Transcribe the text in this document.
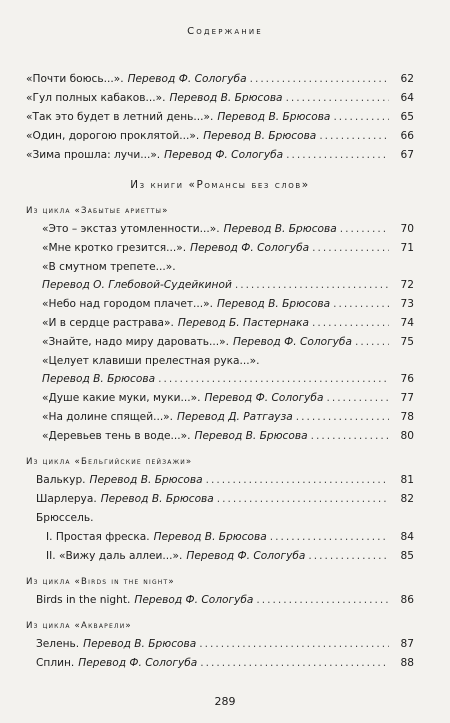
Содержание
«Почти боюсь...». Перевод Ф. Сологуба .....	62
«Гул полных кабаков...». Перевод В. Брюсова .....	64
«Так это будет в летний день...». Перевод В. Брюсова .....	65
«Один, дорогою проклятой...». Перевод В. Брюсова .....	66
«Зима прошла: лучи...». Перевод Ф. Сологуба .....	67
Из книги «Романсы без слов»
Из цикла «Забытые ариетты»
«Это – экстаз утомленности...». Перевод В. Брюсова .....	70
«Мне кротко грезится...». Перевод Ф. Сологуба .....	71
«В смутном трепете...».
Перевод О. Глебовой-Судейкиной .....	72
«Небо над городом плачет...». Перевод В. Брюсова .....	73
«И в сердце растрава». Перевод Б. Пастернака .....	74
«Знайте, надо миру даровать...». Перевод Ф. Сологуба .....	75
«Целует клавиши прелестная рука...».
Перевод В. Брюсова .....	76
«Душе какие муки, муки...». Перевод Ф. Сологуба .....	77
«На долине спящей...». Перевод Д. Ратгауза .....	78
«Деревьев тень в воде...». Перевод В. Брюсова .....	80
Из цикла «Бельгийские пейзажи»
Валькур. Перевод В. Брюсова .....	81
Шарлеруа. Перевод В. Брюсова .....	82
Брюссель.
I. Простая фреска. Перевод В. Брюсова .....	84
II. «Вижу даль аллеи...». Перевод Ф. Сологуба .....	85
Из цикла «Birds in the night»
Birds in the night. Перевод Ф. Сологуба .....	86
Из цикла «Акварели»
Зелень. Перевод В. Брюсова .....	87
Сплин. Перевод Ф. Сологуба .....	88
289
